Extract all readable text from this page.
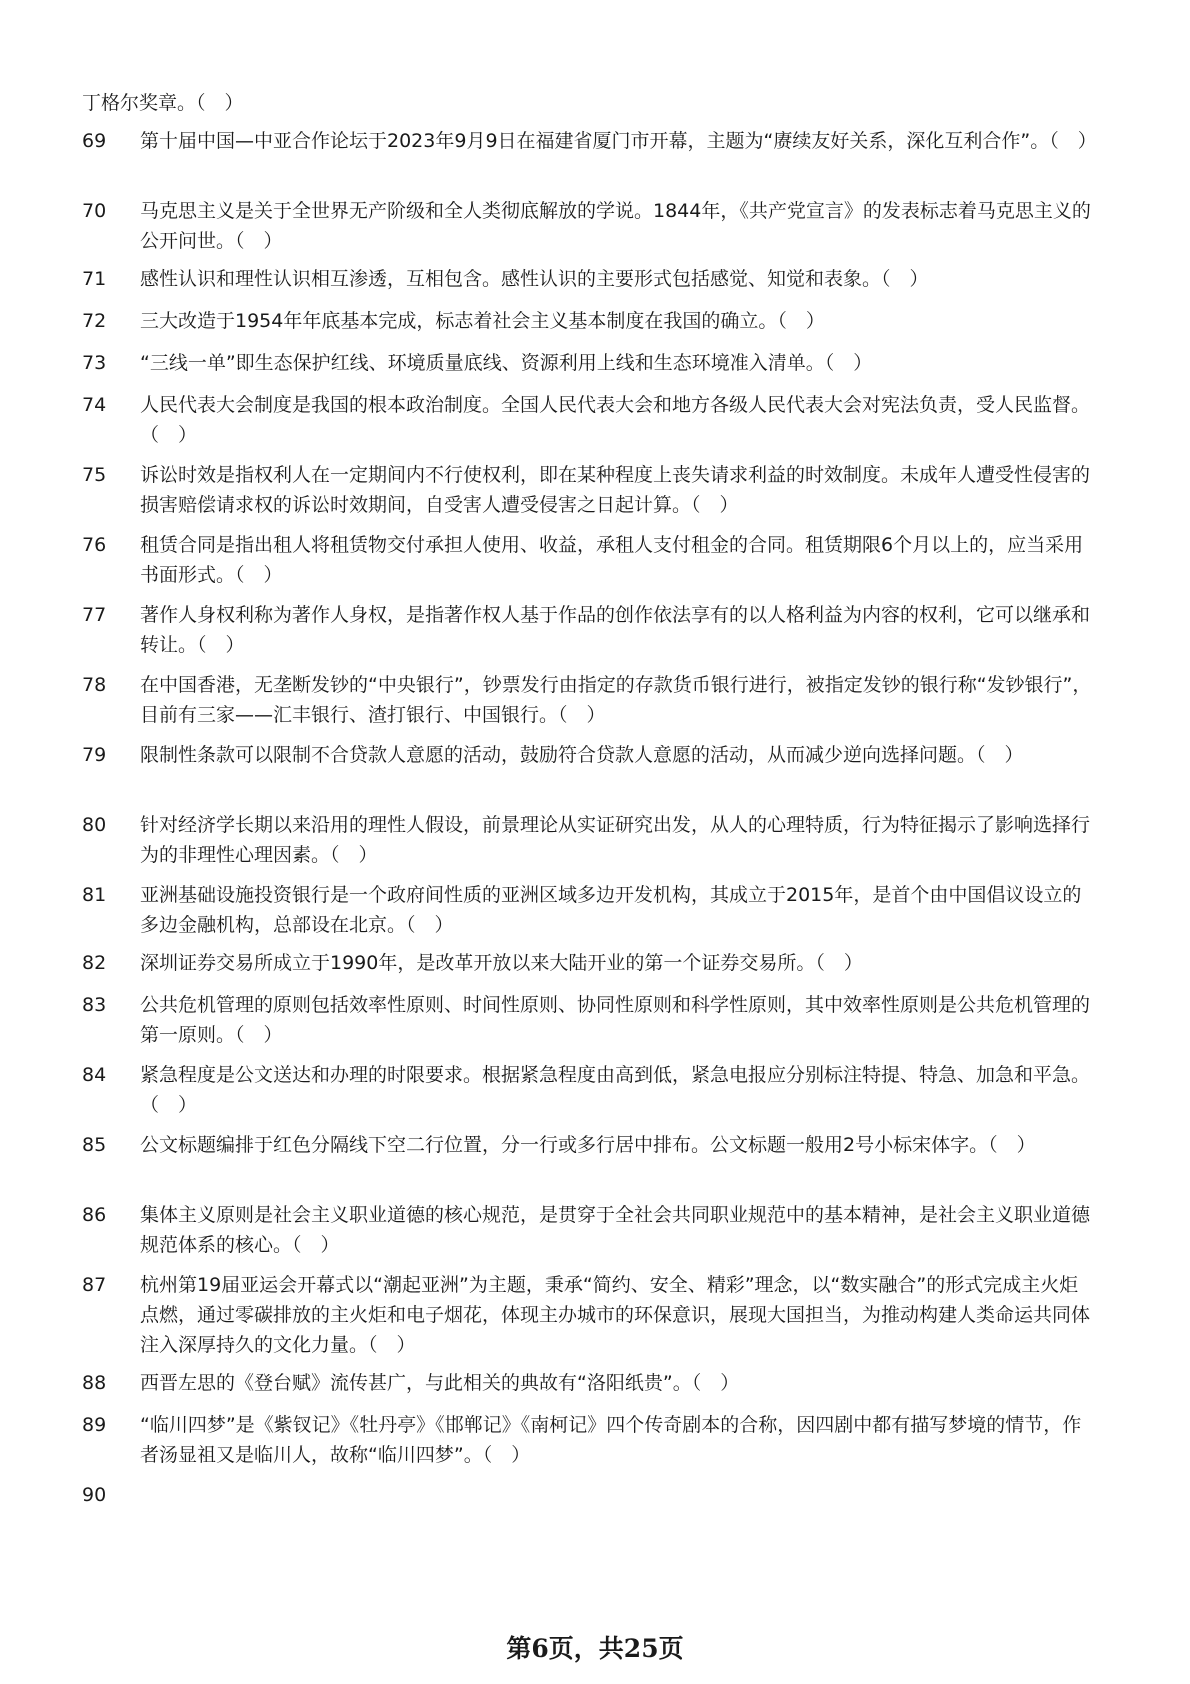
丁格尔奖章。（　）
69	第十届中国—中亚合作论坛于2023年9月9日在福建省厦门市开幕，主题为“赓续友好关系，深化互利合作”。（　）
70	马克思主义是关于全世界无产阶级和全人类彻底解放的学说。1844年，《共产党宣言》的发表标志着马克思主义的公开问世。（　）
71	感性认识和理性认识相互渗透，互相包含。感性认识的主要形式包括感觉、知觉和表象。（　）
72	三大改造于1954年年底基本完成，标志着社会主义基本制度在我国的确立。（　）
73	“三线一单”即生态保护红线、环境质量底线、资源利用上线和生态环境准入清单。（　）
74	人民代表大会制度是我国的根本政治制度。全国人民代表大会和地方各级人民代表大会对宪法负责，受人民监督。（　）
75	诉讼时效是指权利人在一定期间内不行使权利，即在某种程度上丧失请求利益的时效制度。未成年人遭受性侵害的损害赔偿请求权的诉讼时效期间，自受害人遭受侵害之日起计算。（　）
76	租赁合同是指出租人将租赁物交付承担人使用、收益，承租人支付租金的合同。租赁期限6个月以上的，应当采用书面形式。（　）
77	著作人身权利称为著作人身权，是指著作权人基于作品的创作依法享有的以人格利益为内容的权利，它可以继承和转让。（　）
78	在中国香港，无垄断发钞的“中央银行”，钞票发行由指定的存款货币银行进行，被指定发钞的银行称“发钞银行”，目前有三家——汇丰银行、渣打银行、中国银行。（　）
79	限制性条款可以限制不合贷款人意愿的活动，鼓励符合贷款人意愿的活动，从而减少逆向选择问题。（　）
80	针对经济学长期以来沿用的理性人假设，前景理论从实证研究出发，从人的心理特质，行为特征揭示了影响选择行为的非理性心理因素。（　）
81	亚洲基础设施投资银行是一个政府间性质的亚洲区域多边开发机构，其成立于2015年，是首个由中国倡议设立的多边金融机构，总部设在北京。（　）
82	深圳证券交易所成立于1990年，是改革开放以来大陆开业的第一个证券交易所。（　）
83	公共危机管理的原则包括效率性原则、时间性原则、协同性原则和科学性原则，其中效率性原则是公共危机管理的第一原则。（　）
84	紧急程度是公文送达和办理的时限要求。根据紧急程度由高到低，紧急电报应分别标注特提、特急、加急和平急。（　）
85	公文标题编排于红色分隔线下空二行位置，分一行或多行居中排布。公文标题一般用2号小标宋体字。（　）
86	集体主义原则是社会主义职业道德的核心规范，是贯穿于全社会共同职业规范中的基本精神，是社会主义职业道德规范体系的核心。（　）
87	杭州第19届亚运会开幕式以“潮起亚洲”为主题，秉承“简约、安全、精彩”理念，以“数实融合”的形式完成主火炬点燃，通过零碳排放的主火炬和电子烟花，体现主办城市的环保意识，展现大国担当，为推动构建人类命运共同体注入深厚持久的文化力量。（　）
88	西晋左思的《登台赋》流传甚广，与此相关的典故有“洛阳纸贵”。（　）
89	“临川四梦”是《紫钗记》《牡丹亭》《邯郸记》《南柯记》四个传奇剧本的合称，因四剧中都有描写梦境的情节，作者汤显祖又是临川人，故称“临川四梦”。（　）
90
第6页，共25页
